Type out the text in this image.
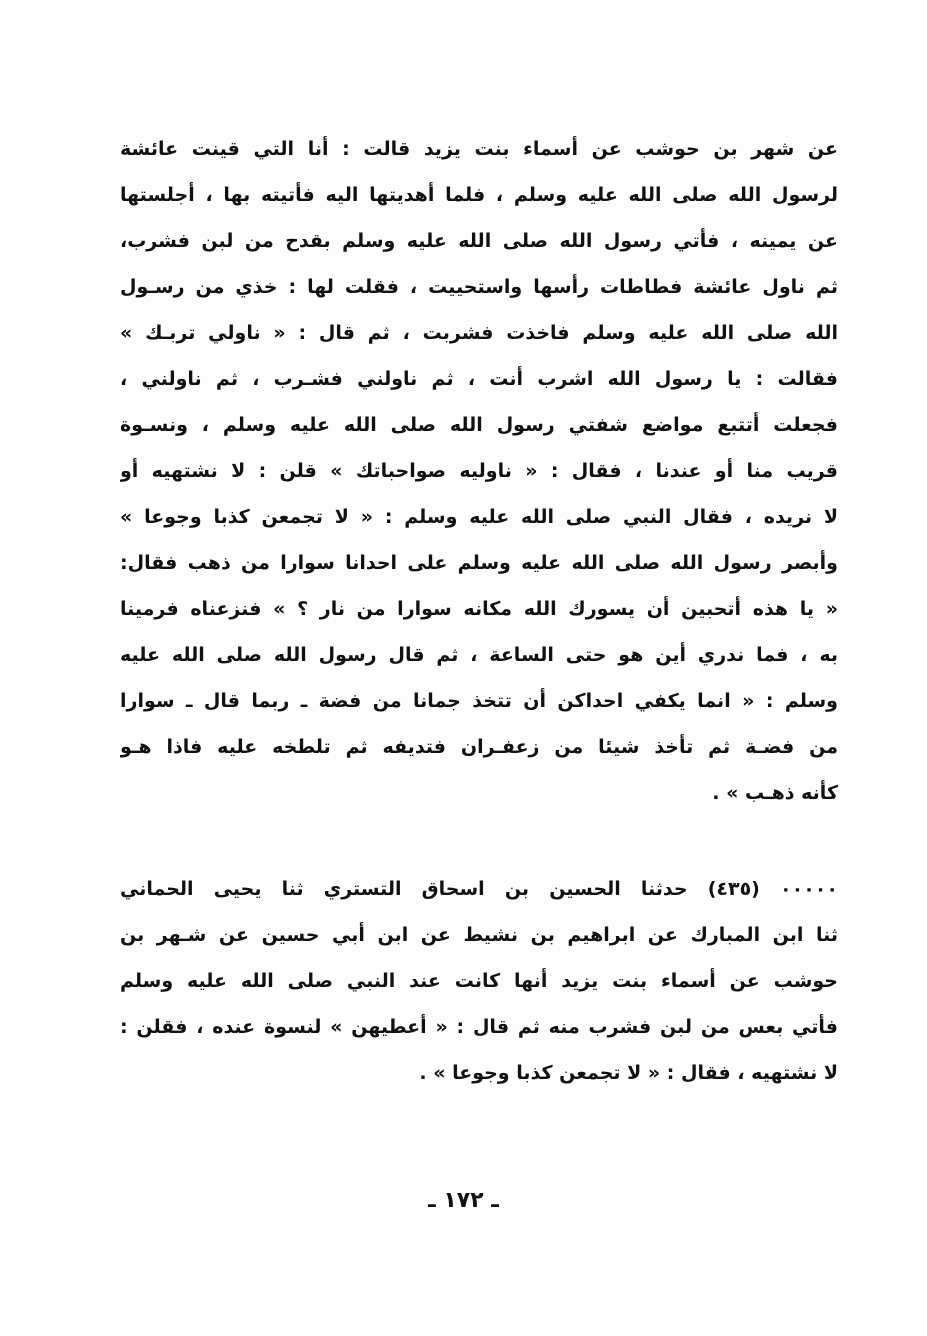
عن شهر بن حوشب عن أسماء بنت يزيد قالت : أنا التي قينت عائشة
لرسول الله صلى الله عليه وسلم ، فلما أهديتها اليه فأتيته بها ، أجلستها
عن يمينه ، فأتي رسول الله صلى الله عليه وسلم بقدح من لبن فشرب،
ثم ناول عائشة فطاطات رأسها واستحييت ، فقلت لها : خذي من رسـول
الله صلى الله عليه وسلم فاخذت فشربت ، ثم قال : « ناولي تربـك »
فقالت : يا رسول الله اشرب أنت ، ثم ناولني فشـرب ، ثم ناولني ،
فجعلت أتتبع مواضع شفتي رسول الله صلى الله عليه وسلم ، ونسـوة
قريب منا أو عندنا ، فقال : « ناوليه صواحباتك » قلن : لا نشتهيه أو
لا نريده ، فقال النبي صلى الله عليه وسلم : « لا تجمعن كذبا وجوعا »
وأبصر رسول الله صلى الله عليه وسلم على احدانا سوارا من ذهب فقال:
« يا هذه أتحبين أن يسورك الله مكانه سوارا من نار ؟ » فنزعناه فرمينا
به ، فما ندري أين هو حتى الساعة ، ثم قال رسول الله صلى الله عليه
وسلم : « انما يكفي احداكن أن تتخذ جمانا من فضة ـ ربما قال ـ سوارا
من فضـة ثم تأخذ شيئا من زعفـران فتديفه ثم تلطخه عليه فاذا هـو
كأنه ذهـب » .
٠٠٠٠٠ (٤٣٥) حدثنا الحسين بن اسحاق التستري ثنا يحيى الحماني
ثنا ابن المبارك عن ابراهيم بن نشيط عن ابن أبي حسين عن شـهر بن
حوشب عن أسماء بنت يزيد أنها كانت عند النبي صلى الله عليه وسلم
فأتي بعس من لبن فشرب منه ثم قال : « أعطيهن » لنسوة عنده ، فقلن :
لا نشتهيه ، فقال : « لا تجمعن كذبا وجوعا » .
ـ ١٧٢ ـ
